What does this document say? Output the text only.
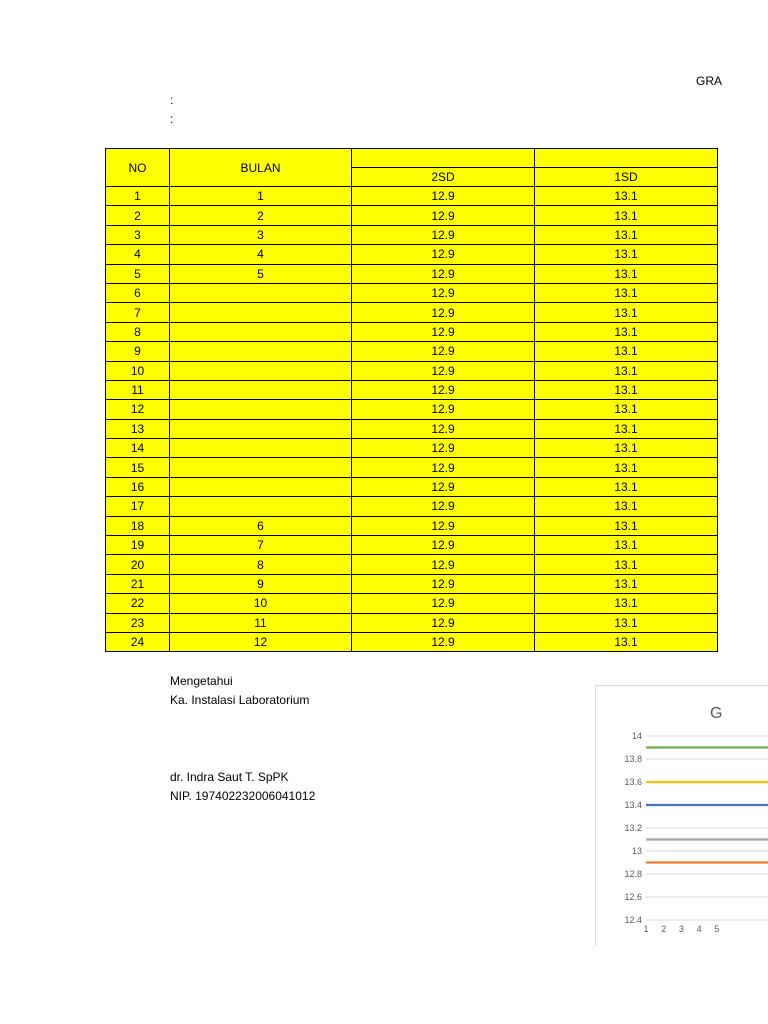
GRA
:
:
NO	BULAN		
		2SD	1SD
1	1	12.9	13.1
2	2	12.9	13.1
3	3	12.9	13.1
4	4	12.9	13.1
5	5	12.9	13.1
6		12.9	13.1
7		12.9	13.1
8		12.9	13.1
9		12.9	13.1
10		12.9	13.1
11		12.9	13.1
12		12.9	13.1
13		12.9	13.1
14		12.9	13.1
15		12.9	13.1
16		12.9	13.1
17		12.9	13.1
18	6	12.9	13.1
19	7	12.9	13.1
20	8	12.9	13.1
21	9	12.9	13.1
22	10	12.9	13.1
23	11	12.9	13.1
24	12	12.9	13.1
Mengetahui
Ka. Instalasi Laboratorium
dr. Indra Saut T. SpPK
NIP. 197402232006041012
G
14
13.8
13.6
13.4
13.2
13
12.8
12.6
12.4
1 2 3 4 5
